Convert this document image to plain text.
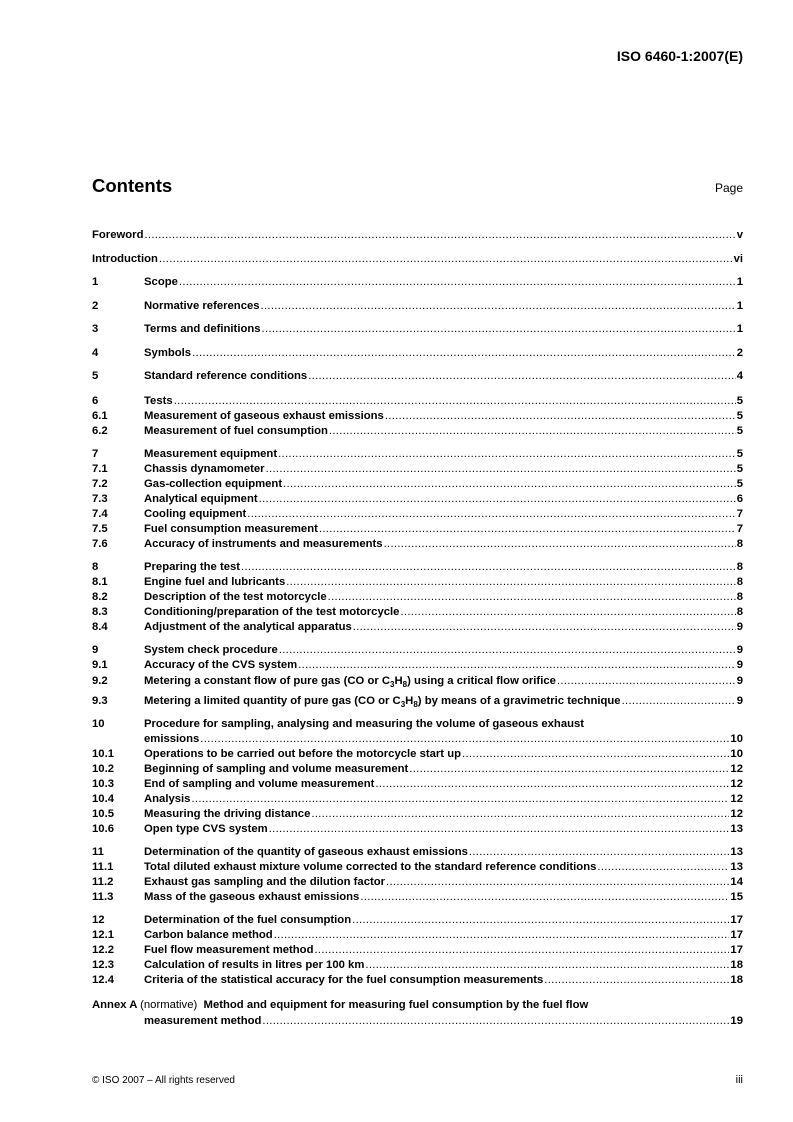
ISO 6460-1:2007(E)
Contents	Page
Foreword .....	v
Introduction .....	vi
1	Scope .....	1
2	Normative references .....	1
3	Terms and definitions .....	1
4	Symbols .....	2
5	Standard reference conditions .....	4
6	Tests .....	5
6.1	Measurement of gaseous exhaust emissions .....	5
6.2	Measurement of fuel consumption .....	5
7	Measurement equipment .....	5
7.1	Chassis dynamometer .....	5
7.2	Gas-collection equipment .....	5
7.3	Analytical equipment .....	6
7.4	Cooling equipment .....	7
7.5	Fuel consumption measurement .....	7
7.6	Accuracy of instruments and measurements .....	8
8	Preparing the test .....	8
8.1	Engine fuel and lubricants .....	8
8.2	Description of the test motorcycle .....	8
8.3	Conditioning/preparation of the test motorcycle .....	8
8.4	Adjustment of the analytical apparatus .....	9
9	System check procedure .....	9
9.1	Accuracy of the CVS system .....	9
9.2	Metering a constant flow of pure gas (CO or $C_3H_8$) using a critical flow orifice .....	9
9.3	Metering a limited quantity of pure gas (CO or $C_3H_8$) by means of a gravimetric technique .....	9
10	Procedure for sampling, analysing and measuring the volume of gaseous exhaust
emissions .....	10
10.1	Operations to be carried out before the motorcycle start up .....	10
10.2	Beginning of sampling and volume measurement .....	12
10.3	End of sampling and volume measurement .....	12
10.4	Analysis .....	12
10.5	Measuring the driving distance .....	12
10.6	Open type CVS system .....	13
11	Determination of the quantity of gaseous exhaust emissions .....	13
11.1	Total diluted exhaust mixture volume corrected to the standard reference conditions .....	13
11.2	Exhaust gas sampling and the dilution factor .....	14
11.3	Mass of the gaseous exhaust emissions .....	15
12	Determination of the fuel consumption .....	17
12.1	Carbon balance method .....	17
12.2	Fuel flow measurement method .....	17
12.3	Calculation of results in litres per 100 km .....	18
12.4	Criteria of the statistical accuracy for the fuel consumption measurements .....	18
Annex A (normative) Method and equipment for measuring fuel consumption by the fuel flow
measurement method .....	19
© ISO 2007 – All rights reserved	iii
